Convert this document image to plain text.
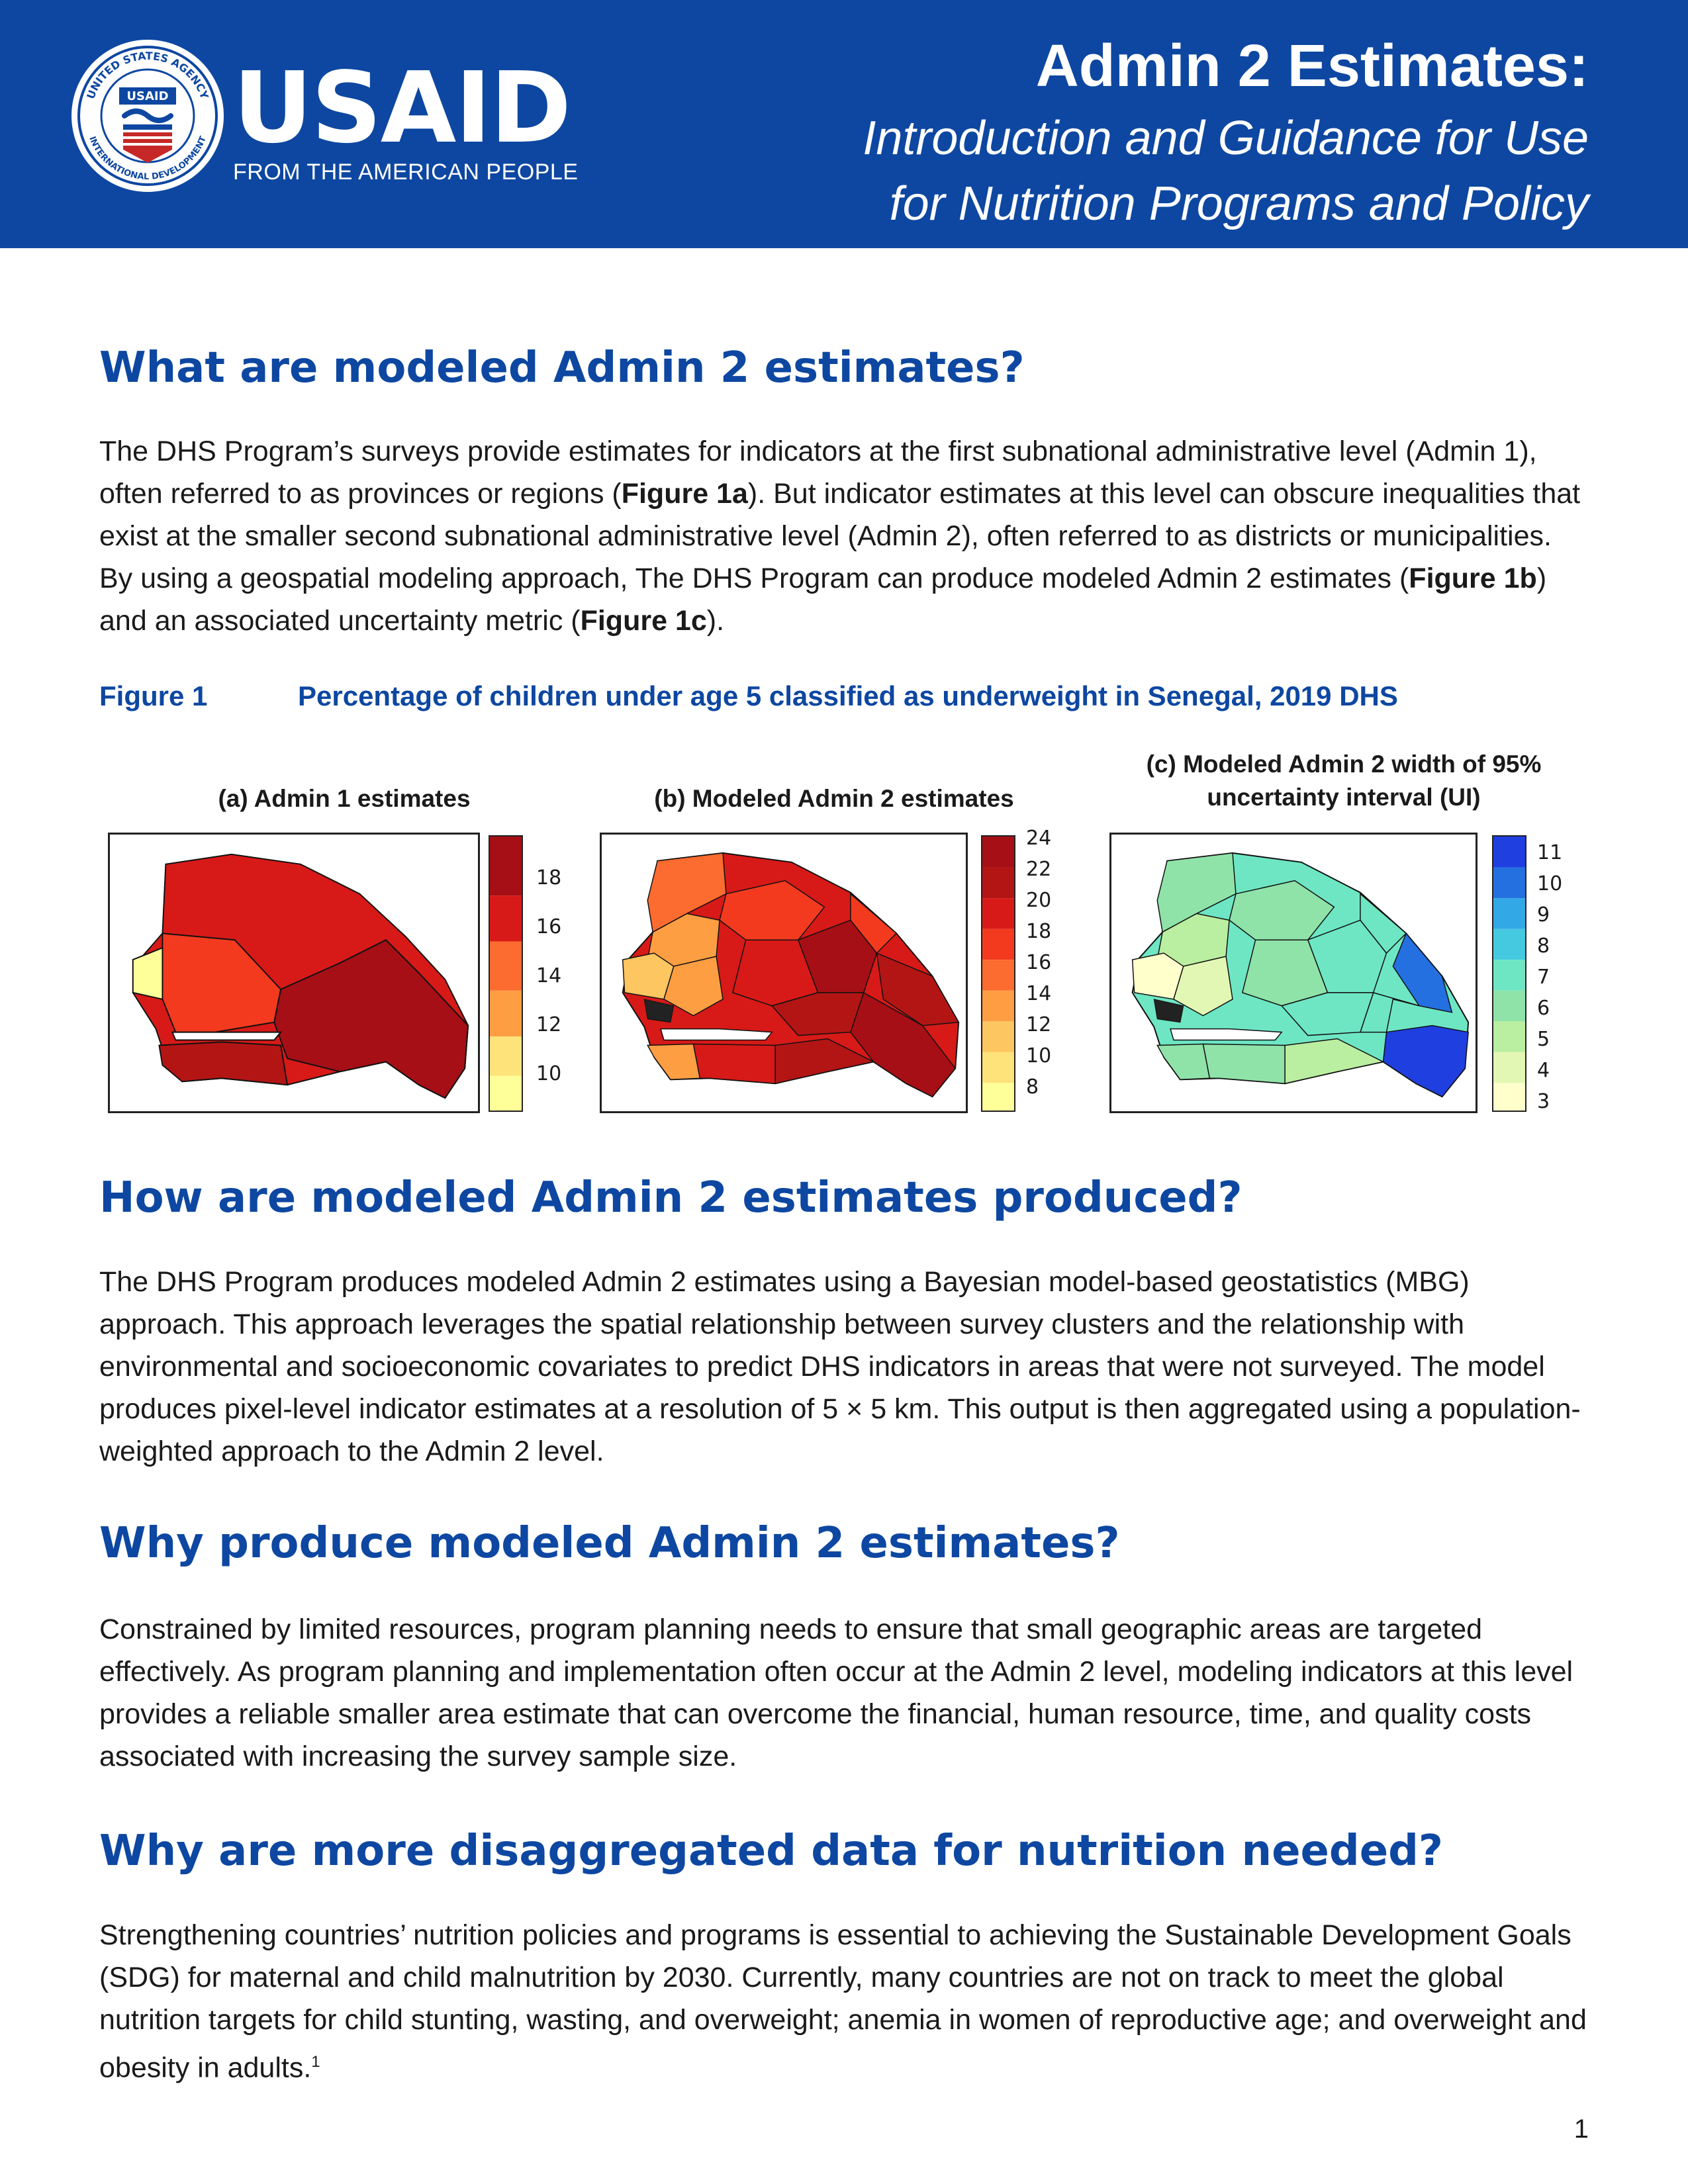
UNITED STATES AGENCY
INTERNATIONAL DEVELOPMENT
USAID USAID
FROM THE AMERICAN PEOPLE
Admin 2 Estimates:
Introduction and Guidance for Use for Nutrition Programs and Policy
What are modeled Admin 2 estimates?

The DHS Program’s surveys provide estimates for indicators at the first subnational administrative level (Admin 1), often referred to as provinces or regions (Figure 1a). But indicator estimates at this level can obscure inequalities that exist at the smaller second subnational administrative level (Admin 2), often referred to as districts or municipalities. By using a geospatial modeling approach, The DHS Program can produce modeled Admin 2 estimates (Figure 1b) and an associated uncertainty metric (Figure 1c).

Figure 1	Percentage of children under age 5 classified as underweight in Senegal, 2019 DHS
(a) Admin 1 estimates	(b) Modeled Admin 2 estimates
(c) Modeled Admin 2 width of 95%
uncertainty interval (UI)
18
16
14
12
10
24
22
20
18
16
14
12
10
8
11
10
9
8
7
6
5
4
3
How are modeled Admin 2 estimates produced?

The DHS Program produces modeled Admin 2 estimates using a Bayesian model-based geostatistics (MBG) approach. This approach leverages the spatial relationship between survey clusters and the relationship with environmental and socioeconomic covariates to predict DHS indicators in areas that were not surveyed. The model produces pixel-level indicator estimates at a resolution of 5 × 5 km. This output is then aggregated using a population-weighted approach to the Admin 2 level.

Why produce modeled Admin 2 estimates?

Constrained by limited resources, program planning needs to ensure that small geographic areas are targeted effectively. As program planning and implementation often occur at the Admin 2 level, modeling indicators at this level provides a reliable smaller area estimate that can overcome the financial, human resource, time, and quality costs associated with increasing the survey sample size.

Why are more disaggregated data for nutrition needed?

Strengthening countries’ nutrition policies and programs is essential to achieving the Sustainable Development Goals (SDG) for maternal and child malnutrition by 2030. Currently, many countries are not on track to meet the global nutrition targets for child stunting, wasting, and overweight; anemia in women of reproductive age; and overweight and obesity in adults.$^1$

1
